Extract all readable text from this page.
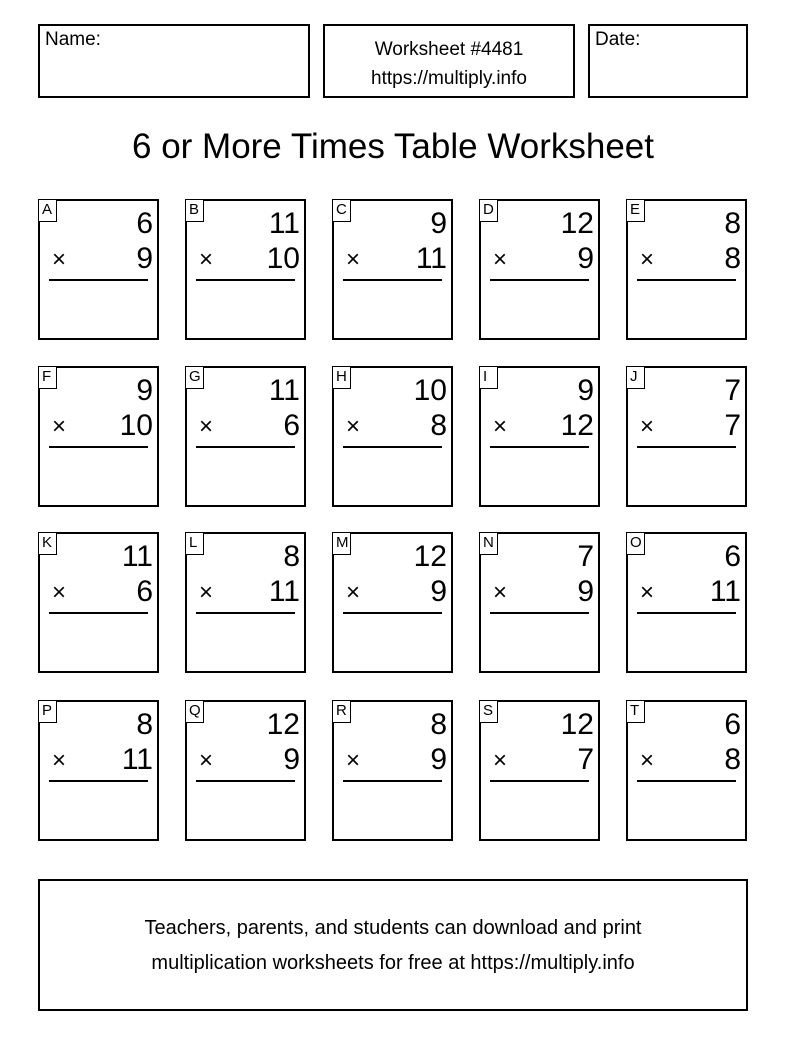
Name:	Worksheet #4481
https://multiply.info
Date:
6 or More Times Table Worksheet
A	6
× 9
B 11
× 10
C	9
× 11
D 12
× 9
E	8
× 8
F	9
× 10
G 11
× 6
H 10
× 8
I	9
× 12
J	7
× 7
K 11
× 6
L	8
× 11
M 12
× 9
N	7
× 9
O	6
× 11
P	8
× 11
Q 12
× 9
R	8
× 9
S 12
× 7
T	6
× 8
Teachers, parents, and students can download and print
multiplication worksheets for free at https://multiply.info
